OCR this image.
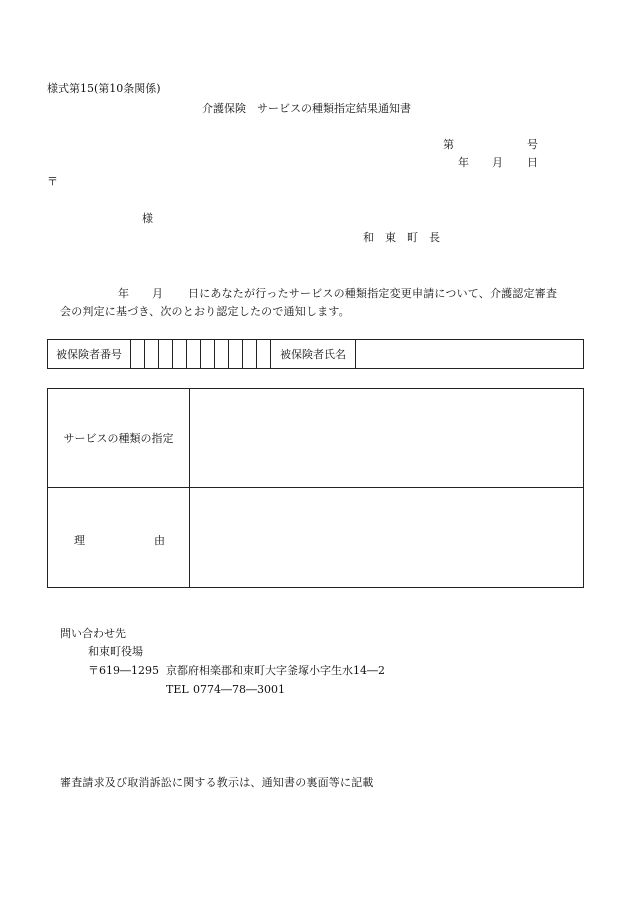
様式第15(第10条関係)
介護保険　サービスの種類指定結果通知書
第	号
年 月 日
〒
様
和　東　町　長
年 月 日にあなたが行ったサービスの種類指定変更申請について、介護認定審査
会の判定に基づき、次のとおり認定したので通知します。
被保険者番号											被保険者氏名	
サービスの種類の指定	

理 由	

問い合わせ先
和束町役場
〒619―1295 京都府相楽郡和束町大字釜塚小字生水14―2
TEL 0774―78―3001
審査請求及び取消訴訟に関する教示は、通知書の裏面等に記載
